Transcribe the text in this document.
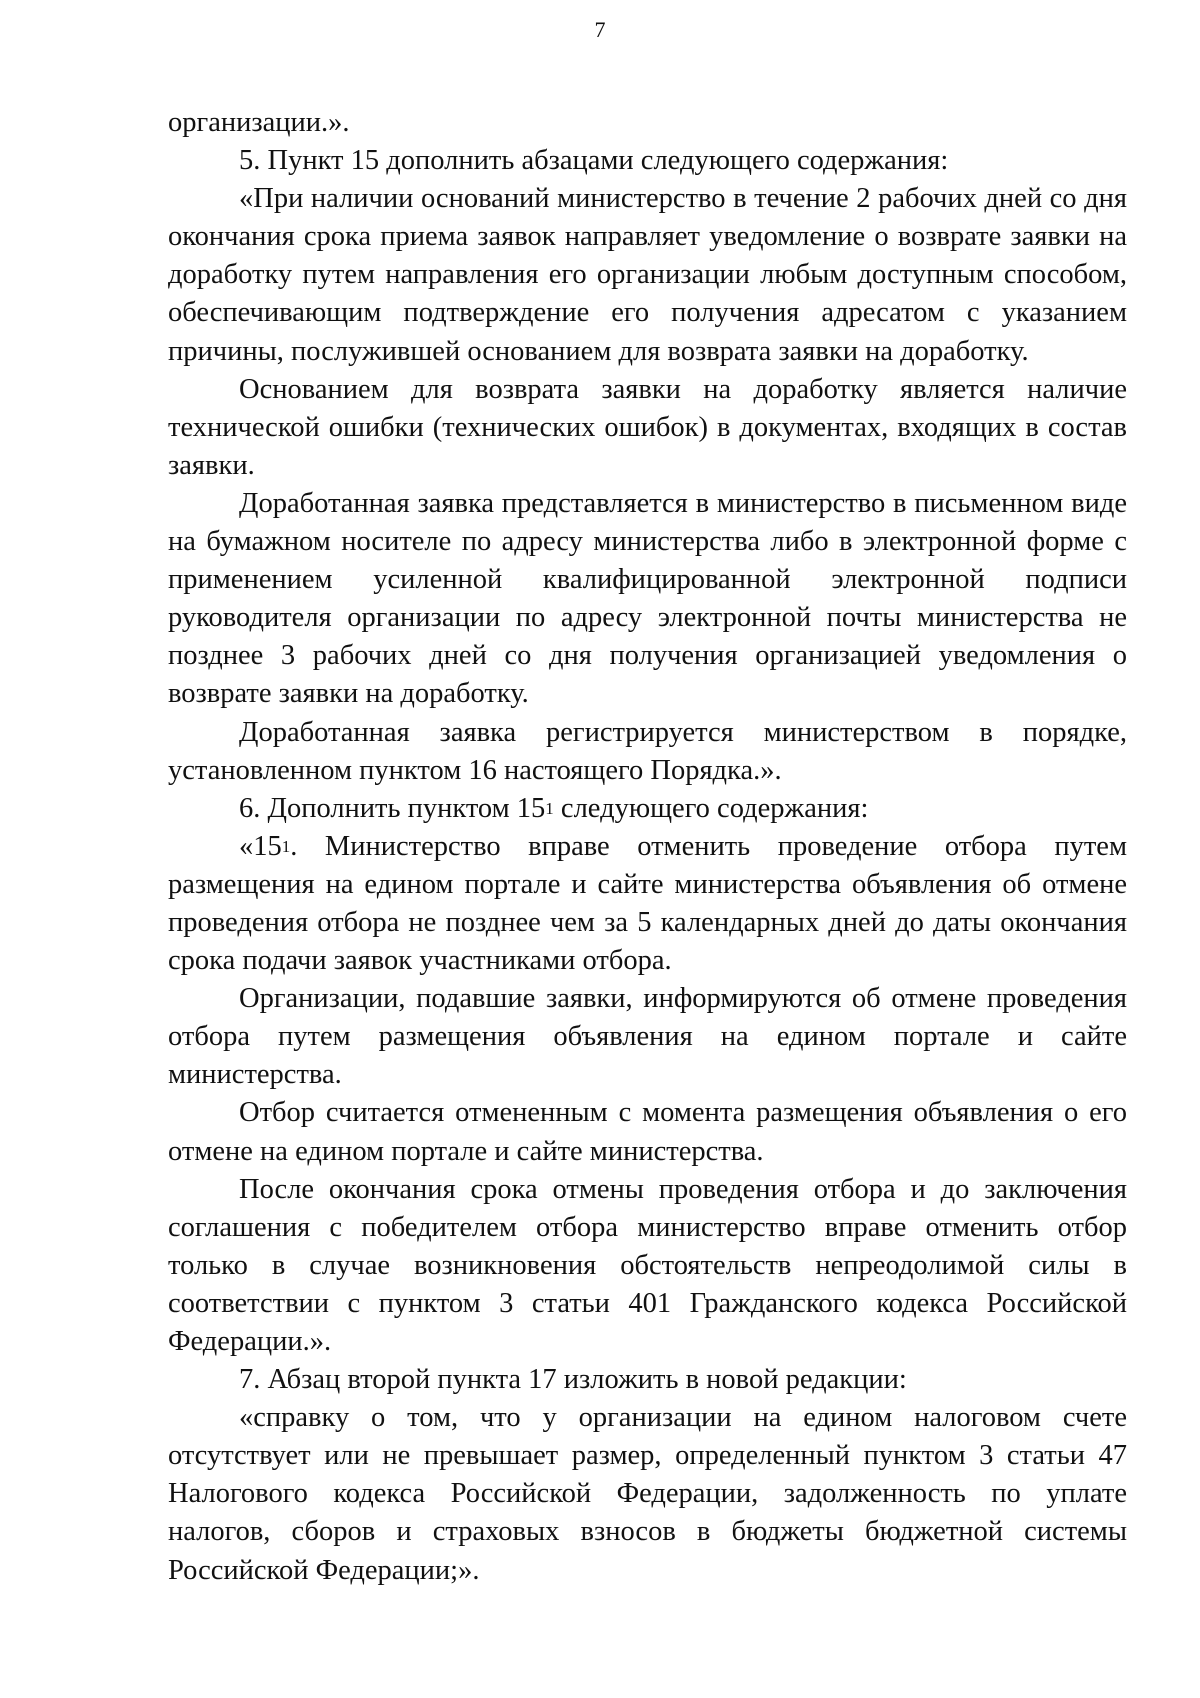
7
организации.».
5. Пункт 15 дополнить абзацами следующего содержания:
«При наличии оснований министерство в течение 2 рабочих дней со дня
окончания срока приема заявок направляет уведомление о возврате заявки на
доработку путем направления его организации любым доступным способом,
обеспечивающим подтверждение его получения адресатом с указанием
причины, послужившей основанием для возврата заявки на доработку.
Основанием для возврата заявки на доработку является наличие
технической ошибки (технических ошибок) в документах, входящих в состав
заявки.
Доработанная заявка представляется в министерство в письменном виде
на бумажном носителе по адресу министерства либо в электронной форме с
применением усиленной квалифицированной электронной подписи
руководителя организации по адресу электронной почты министерства не
позднее 3 рабочих дней со дня получения организацией уведомления о
возврате заявки на доработку.
Доработанная заявка регистрируется министерством в порядке,
установленном пунктом 16 настоящего Порядка.».
6. Дополнить пунктом $15^1$ следующего содержания:
«$15^1$. Министерство вправе отменить проведение отбора путем
размещения на едином портале и сайте министерства объявления об отмене
проведения отбора не позднее чем за 5 календарных дней до даты окончания
срока подачи заявок участниками отбора.
Организации, подавшие заявки, информируются об отмене проведения
отбора путем размещения объявления на едином портале и сайте
министерства.
Отбор считается отмененным с момента размещения объявления о его
отмене на едином портале и сайте министерства.
После окончания срока отмены проведения отбора и до заключения
соглашения с победителем отбора министерство вправе отменить отбор
только в случае возникновения обстоятельств непреодолимой силы в
соответствии с пунктом 3 статьи 401 Гражданского кодекса Российской
Федерации.».
7. Абзац второй пункта 17 изложить в новой редакции:
«справку о том, что у организации на едином налоговом счете
отсутствует или не превышает размер, определенный пунктом 3 статьи 47
Налогового кодекса Российской Федерации, задолженность по уплате
налогов, сборов и страховых взносов в бюджеты бюджетной системы
Российской Федерации;».
